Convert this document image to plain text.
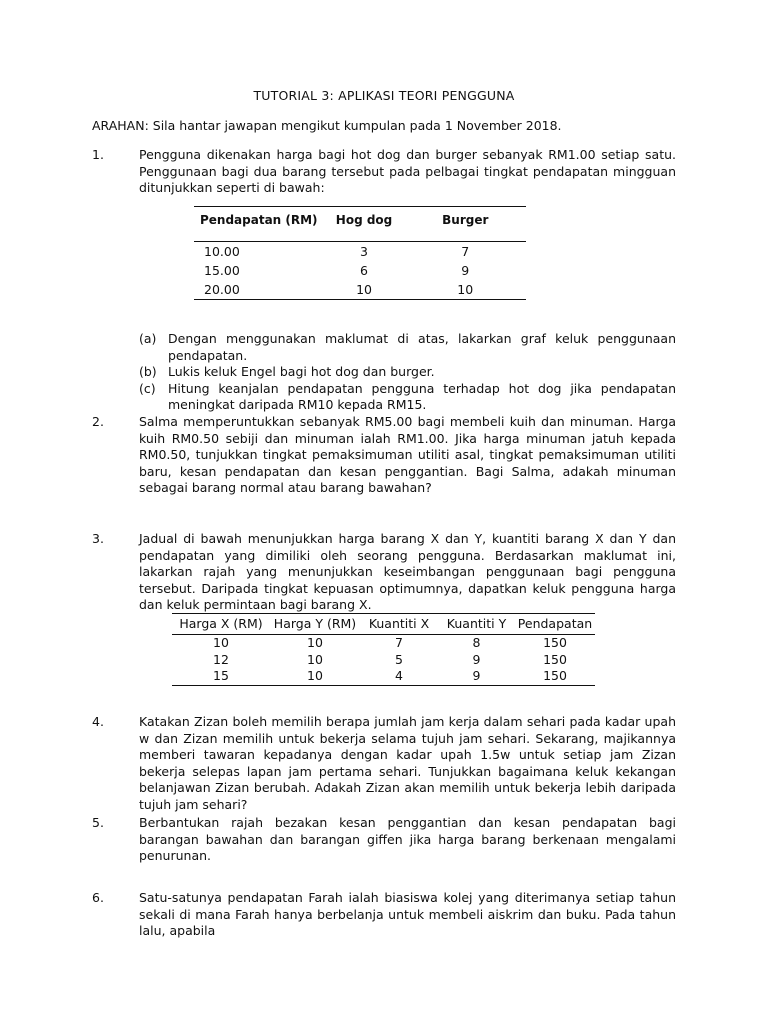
TUTORIAL 3: APLIKASI TEORI PENGGUNA
ARAHAN: Sila hantar jawapan mengikut kumpulan pada 1 November 2018.
1.	Pengguna dikenakan harga bagi hot dog dan burger sebanyak RM1.00 setiap satu. Penggunaan bagi dua barang tersebut pada pelbagai tingkat pendapatan mingguan ditunjukkan seperti di bawah:
Pendapatan (RM)	Hog dog	Burger
10.00	3	7
15.00	6	9
20.00	10	10
(a) Dengan menggunakan maklumat di atas, lakarkan graf keluk penggunaan pendapatan.
(b) Lukis keluk Engel bagi hot dog dan burger.
(c) Hitung keanjalan pendapatan pengguna terhadap hot dog jika pendapatan meningkat daripada RM10 kepada RM15.
2.	Salma memperuntukkan sebanyak RM5.00 bagi membeli kuih dan minuman. Harga kuih RM0.50 sebiji dan minuman ialah RM1.00. Jika harga minuman jatuh kepada RM0.50, tunjukkan tingkat pemaksimuman utiliti asal, tingkat pemaksimuman utiliti baru, kesan pendapatan dan kesan penggantian. Bagi Salma, adakah minuman sebagai barang normal atau barang bawahan?
3.	Jadual di bawah menunjukkan harga barang X dan Y, kuantiti barang X dan Y dan pendapatan yang dimiliki oleh seorang pengguna. Berdasarkan maklumat ini, lakarkan rajah yang menunjukkan keseimbangan penggunaan bagi pengguna tersebut. Daripada tingkat kepuasan optimumnya, dapatkan keluk pengguna harga dan keluk permintaan bagi barang X.
Harga X (RM)	Harga Y (RM)	Kuantiti X	Kuantiti Y	Pendapatan
10	10	7	8	150
12	10	5	9	150
15	10	4	9	150
4.	Katakan Zizan boleh memilih berapa jumlah jam kerja dalam sehari pada kadar upah w dan Zizan memilih untuk bekerja selama tujuh jam sehari. Sekarang, majikannya memberi tawaran kepadanya dengan kadar upah 1.5w untuk setiap jam Zizan bekerja selepas lapan jam pertama sehari. Tunjukkan bagaimana keluk kekangan belanjawan Zizan berubah. Adakah Zizan akan memilih untuk bekerja lebih daripada tujuh jam sehari?
5.	Berbantukan rajah bezakan kesan penggantian dan kesan pendapatan bagi barangan bawahan dan barangan giffen jika harga barang berkenaan mengalami penurunan.
6.	Satu-satunya pendapatan Farah ialah biasiswa kolej yang diterimanya setiap tahun sekali di mana Farah hanya berbelanja untuk membeli aiskrim dan buku. Pada tahun lalu, apabila
